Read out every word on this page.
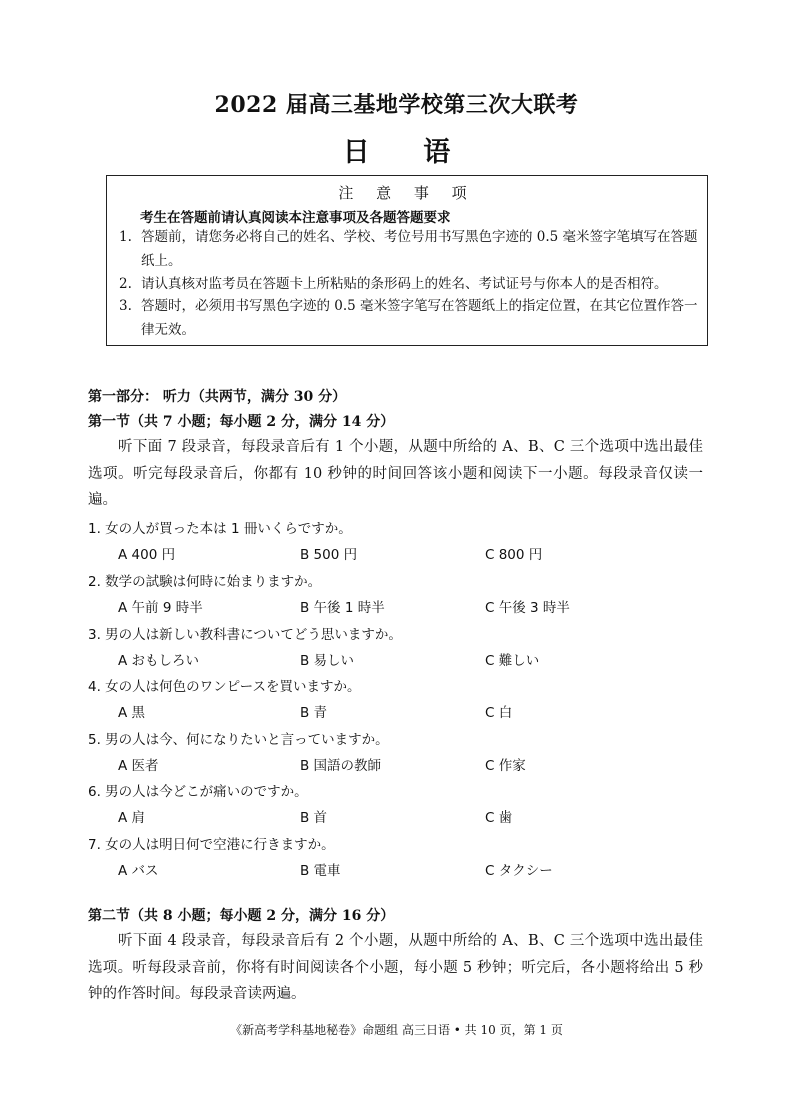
2022 届高三基地学校第三次大联考
日 语
注 意 事 项
考生在答题前请认真阅读本注意事项及各题答题要求
1. 答题前，请您务必将自己的姓名、学校、考位号用书写黑色字迹的 0.5 毫米签字笔填写在答题纸上。
2. 请认真核对监考员在答题卡上所粘贴的条形码上的姓名、考试证号与你本人的是否相符。
3. 答题时，必须用书写黑色字迹的 0.5 毫米签字笔写在答题纸上的指定位置，在其它位置作答一律无效。
第一部分： 听力（共两节，满分 30 分）
第一节（共 7 小题；每小题 2 分，满分 14 分）
听下面 7 段录音，每段录音后有 1 个小题，从题中所给的 A、B、C 三个选项中选出最佳选项。听完每段录音后，你都有 10 秒钟的时间回答该小题和阅读下一小题。每段录音仅读一遍。
1. 女の人が買った本は 1 冊いくらですか。
A 400 円	B 500 円	C 800 円
2. 数学の試験は何時に始まりますか。
A 午前 9 時半	B 午後 1 時半	C 午後 3 時半
3. 男の人は新しい教科書についてどう思いますか。
A おもしろい	B 易しい	C 難しい
4. 女の人は何色のワンピースを買いますか。
A 黒	B 青	C 白
5. 男の人は今、何になりたいと言っていますか。
A 医者	B 国語の教師	C 作家
6. 男の人は今どこが痛いのですか。
A 肩	B 首	C 歯
7. 女の人は明日何で空港に行きますか。
A バス	B 電車	C タクシー
第二节（共 8 小题；每小题 2 分，满分 16 分）
听下面 4 段录音，每段录音后有 2 个小题，从题中所给的 A、B、C 三个选项中选出最佳选项。听每段录音前，你将有时间阅读各个小题，每小题 5 秒钟；听完后，各小题将给出 5 秒钟的作答时间。每段录音读两遍。
《新高考学科基地秘卷》命题组 高三日语 • 共 10 页，第 1 页
